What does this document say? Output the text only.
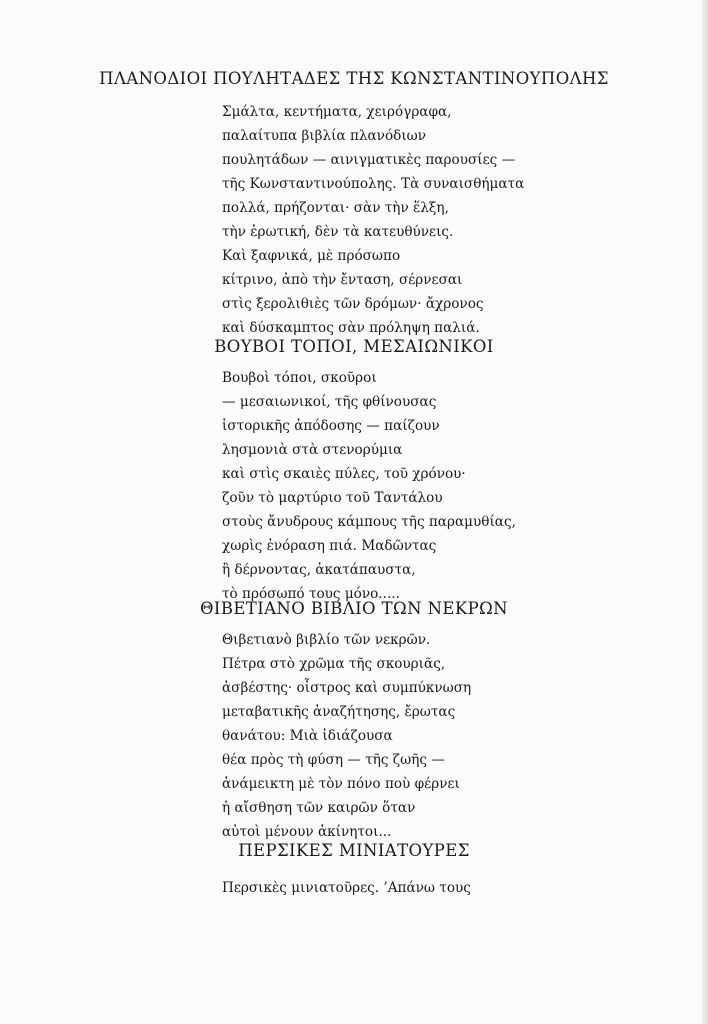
ΠΛΑΝΟΔΙΟΙ ΠΟΥΛΗΤΑΔΕΣ ΤΗΣ ΚΩΝΣΤΑΝΤΙΝΟΥΠΟΛΗΣ
Σμάλτα, κεντήματα, χειρόγραφα,
παλαίτυπα βιβλία πλανόδιων
πουλητάδων — αινιγματικὲς παρουσίες —
τῆς Κωνσταντινούπολης. Τὰ συναισθήματα
πολλά, πρήζονται· σὰν τὴν ἕλξη,
τὴν ἐρωτική, δὲν τὰ κατευθύνεις.
Καὶ ξαφνικά, μὲ πρόσωπο
κίτρινο, ἀπὸ τὴν ἔνταση, σέρνεσαι
στὶς ξερολιθιὲς τῶν δρόμων· ἄχρονος
καὶ δύσκαμπτος σὰν πρόληψη παλιά.
ΒΟΥΒΟΙ ΤΟΠΟΙ, ΜΕΣΑΙΩΝΙΚΟΙ
Βουβοὶ τόποι, σκοῦροι
— μεσαιωνικοί, τῆς φθίνουσας
ἱστορικῆς ἀπόδοσης — παίζουν
λησμονιὰ στὰ στενορύμια
καὶ στὶς σκαιὲς πύλες, τοῦ χρόνου·
ζοῦν τὸ μαρτύριο τοῦ Ταντάλου
στοὺς ἄνυδρους κάμπους τῆς παραμυθίας,
χωρὶς ἐνόραση πιά. Μαδῶντας
ἢ δέρνοντας, ἀκατάπαυστα,
τὸ πρόσωπό τους μόνο.....
ΘΙΒΕΤΙΑΝΟ ΒΙΒΛΙΟ ΤΩΝ ΝΕΚΡΩΝ
Θιβετιανὸ βιβλίο τῶν νεκρῶν.
Πέτρα στὸ χρῶμα τῆς σκουριᾶς,
ἀσβέστης· οἶστρος καὶ συμπύκνωση
μεταβατικῆς ἀναζήτησης, ἔρωτας
θανάτου: Μιὰ ἰδιάζουσα
θέα πρὸς τὴ φύση — τῆς ζωῆς —
ἀνάμεικτη μὲ τὸν πόνο ποὺ φέρνει
ἡ αἴσθηση τῶν καιρῶν ὅταν
αὐτοὶ μένουν ἀκίνητοι...
ΠΕΡΣΙΚΕΣ ΜΙΝΙΑΤΟΥΡΕΣ
Περσικὲς μινιατοῦρες. ’Απάνω τους
